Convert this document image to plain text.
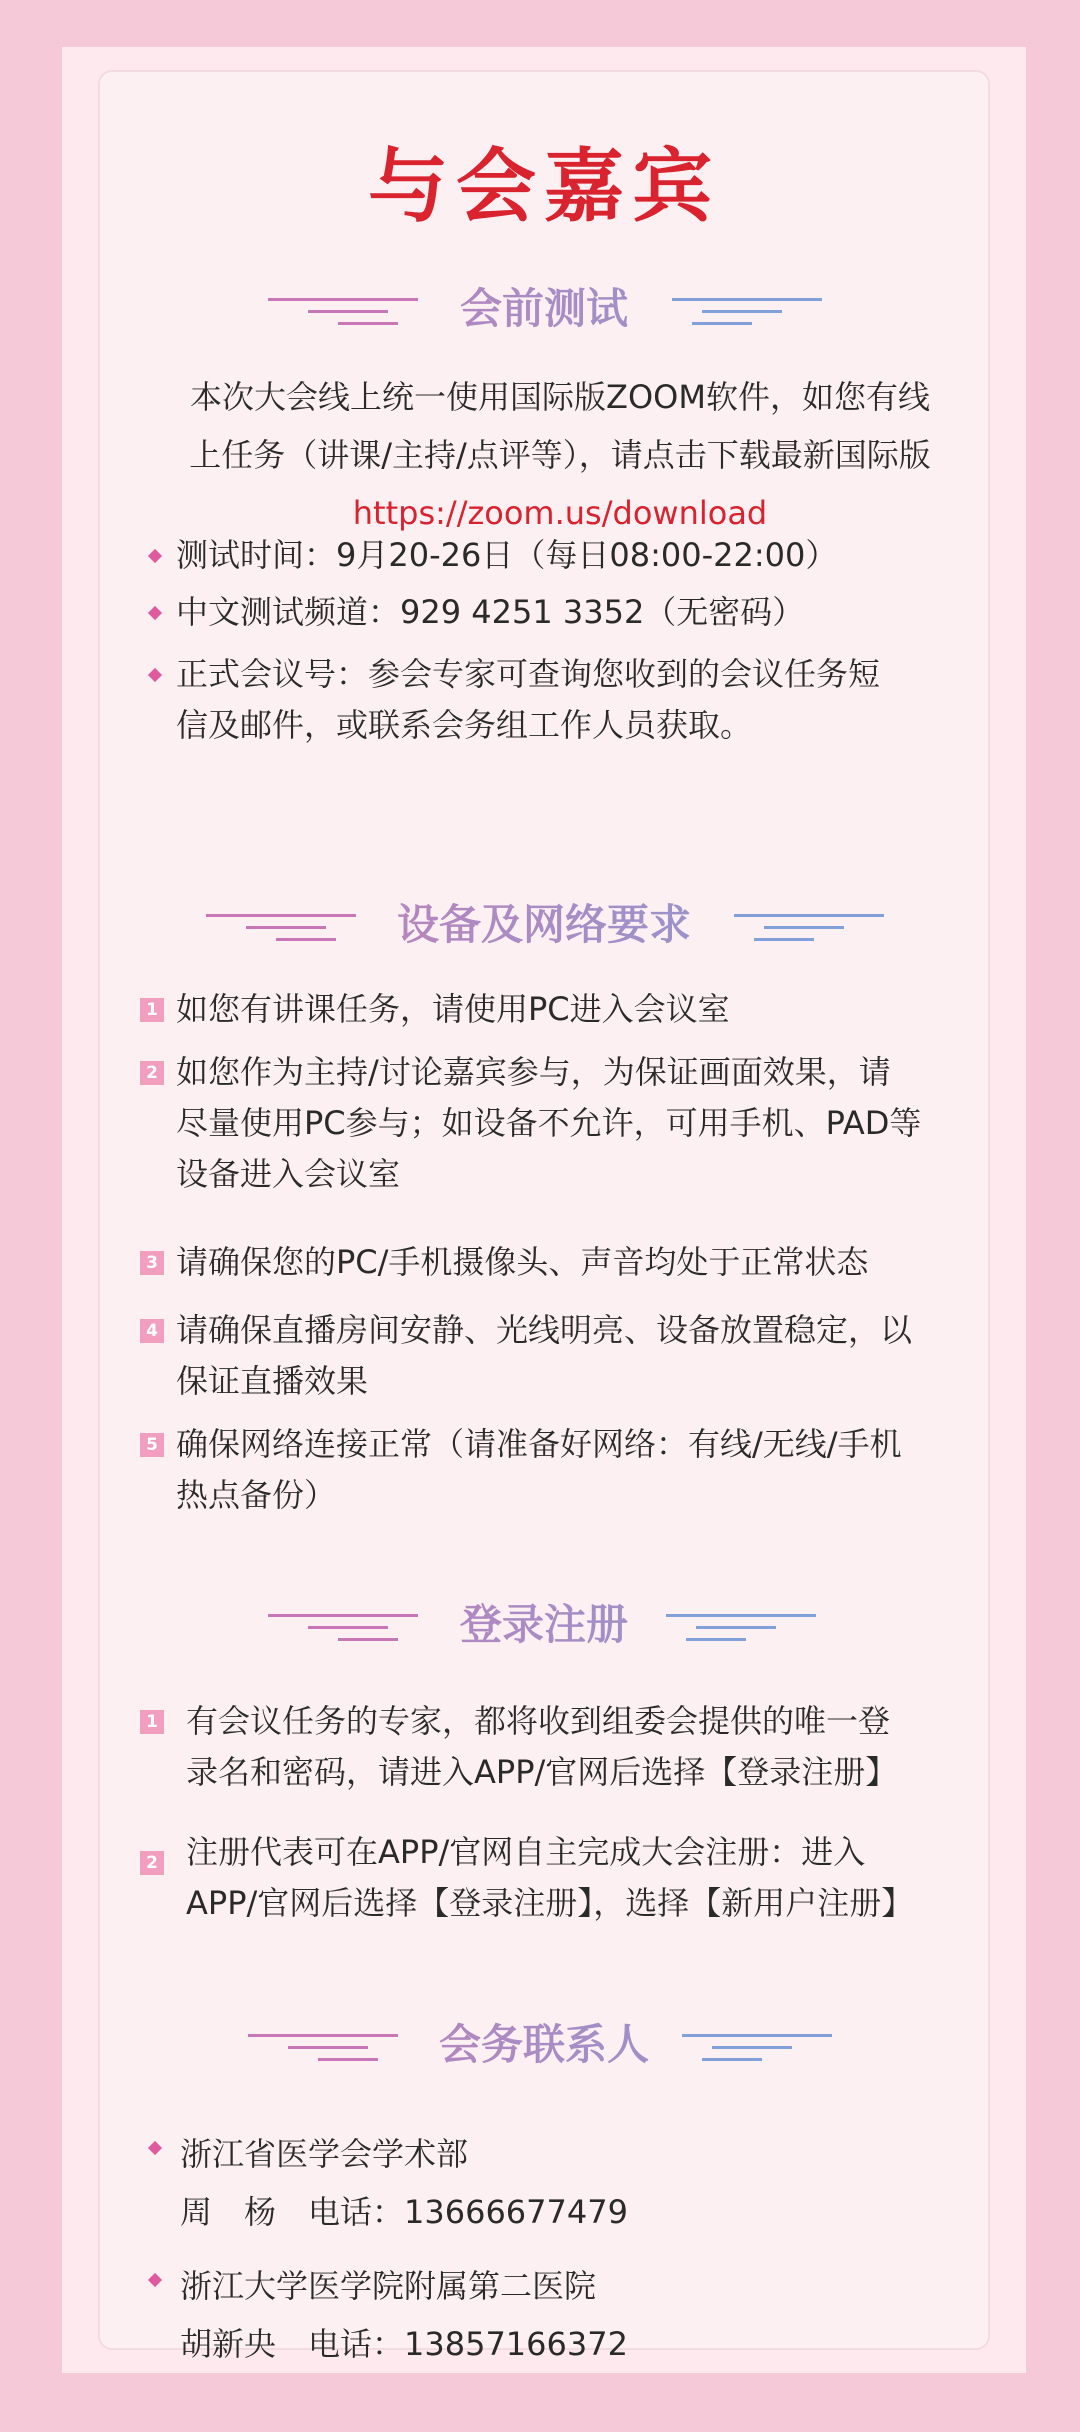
与会嘉宾
会前测试
本次大会线上统一使用国际版ZOOM软件，如您有线
上任务（讲课/主持/点评等），请点击下载最新国际版
https://zoom.us/download
测试时间：9月20-26日（每日08:00-22:00）
中文测试频道：929 4251 3352（无密码）
正式会议号：参会专家可查询您收到的会议任务短
信及邮件，或联系会务组工作人员获取。
设备及网络要求
1 如您有讲课任务，请使用PC进入会议室
2 如您作为主持/讨论嘉宾参与，为保证画面效果，请
尽量使用PC参与；如设备不允许，可用手机、PAD等
设备进入会议室
3 请确保您的PC/手机摄像头、声音均处于正常状态
4 请确保直播房间安静、光线明亮、设备放置稳定，以
保证直播效果
5 确保网络连接正常（请准备好网络：有线/无线/手机
热点备份）
登录注册
1 有会议任务的专家，都将收到组委会提供的唯一登
录名和密码，请进入APP/官网后选择【登录注册】
2 注册代表可在APP/官网自主完成大会注册：进入
APP/官网后选择【登录注册】，选择【新用户注册】
会务联系人
浙江省医学会学术部
周　杨　电话：13666677479
浙江大学医学院附属第二医院
胡新央　电话：13857166372
